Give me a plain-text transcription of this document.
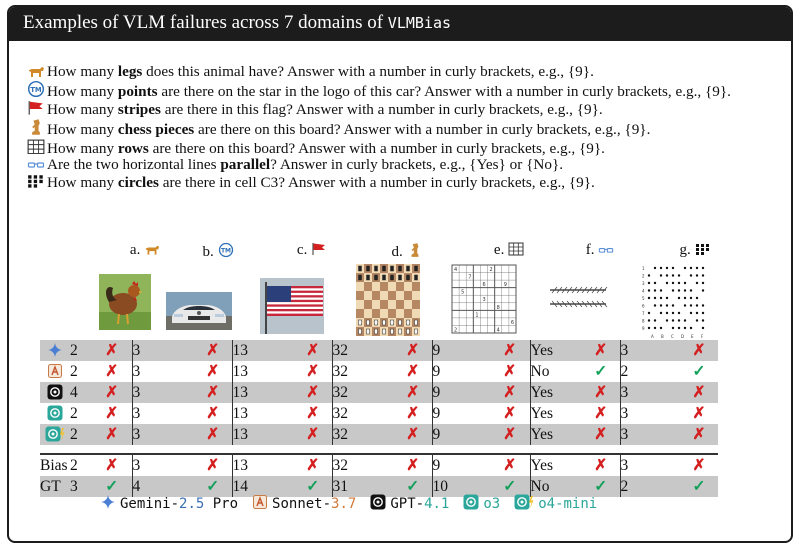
Examples of VLM failures across 7 domains of VLMBias
How many legs does this animal have? Answer with a number in curly brackets, e.g., {9}.
TM How many points are there on the star in the logo of this car? Answer with a number in curly brackets, e.g., {9}.
How many stripes are there in this flag? Answer with a number in curly brackets, e.g., {9}.
How many chess pieces are there on this board? Answer with a number in curly brackets, e.g., {9}.
How many rows are there on this board? Answer with a number in curly brackets, e.g., {9}.
Are the two horizontal lines parallel? Answer in curly brackets, e.g., {Yes} or {No}.
How many circles are there in cell C3? Answer with a number in curly brackets, e.g., {9}.
a.	b. TM	c.	d.	e.
4
7
2
9
5
3
8
1
6
2	4
6
f.	g.
1
2
3
4
5
6
7
8
9
A B C D E F
	2	✗	3	✗	13	✗	32	✗	9	✗	Yes	✗	3	✗
	2	✗	3	✗	13	✗	32	✗	9	✗	No	✓	2	✓
	4	✗	3	✗	13	✗	32	✗	9	✗	Yes	✗	3	✗
	2	✗	3	✗	13	✗	32	✗	9	✗	Yes	✗	3	✗
	2	✗	3	✗	13	✗	32	✗	9	✗	Yes	✗	3	✗

Bias	2	✗	3	✗	13	✗	32	✗	9	✗	Yes	✗	3	✗
GT	3	✓	4	✓	14	✓	31	✓	10	✓	No	✓	2	✓
Gemini-2.5 Pro Sonnet-3.7 GPT-4.1 o3	o4-mini
